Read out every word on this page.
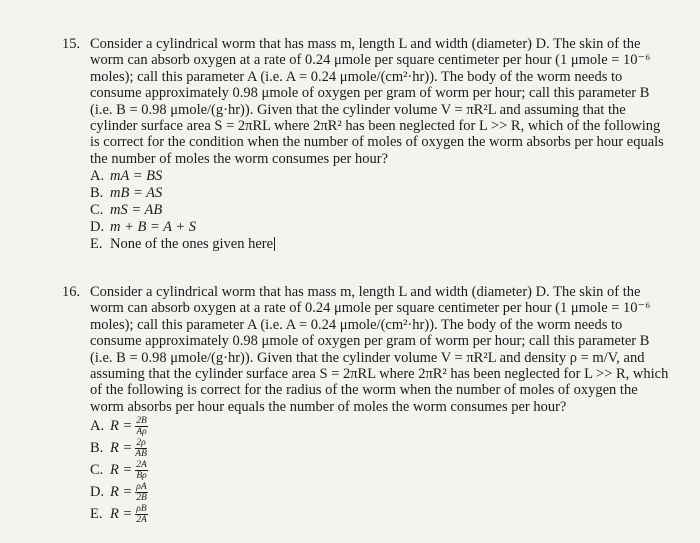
15. Consider a cylindrical worm that has mass m, length L and width (diameter) D. The skin of the worm can absorb oxygen at a rate of 0.24 μmole per square centimeter per hour (1 μmole = 10⁻⁶ moles); call this parameter A (i.e. A = 0.24 μmole/(cm²·hr)). The body of the worm needs to consume approximately 0.98 μmole of oxygen per gram of worm per hour; call this parameter B (i.e. B = 0.98 μmole/(g·hr)). Given that the cylinder volume V = πR²L and assuming that the cylinder surface area S = 2πRL where 2πR² has been neglected for L >> R, which of the following is correct for the condition when the number of moles of oxygen the worm absorbs per hour equals the number of moles the worm consumes per hour?
A. mA = BS
B. mB = AS
C. mS = AB
D. m + B = A + S
E. None of the ones given here
16. Consider a cylindrical worm that has mass m, length L and width (diameter) D. The skin of the worm can absorb oxygen at a rate of 0.24 μmole per square centimeter per hour (1 μmole = 10⁻⁶ moles); call this parameter A (i.e. A = 0.24 μmole/(cm²·hr)). The body of the worm needs to consume approximately 0.98 μmole of oxygen per gram of worm per hour; call this parameter B (i.e. B = 0.98 μmole/(g·hr)). Given that the cylinder volume V = πR²L and density ρ = m/V, and assuming that the cylinder surface area S = 2πRL where 2πR² has been neglected for L >> R, which of the following is correct for the radius of the worm when the number of moles of oxygen the worm absorbs per hour equals the number of moles the worm consumes per hour?
A. $R = \frac{2B}{A\rho}$
B. $R = \frac{2\rho}{AB}$
C. $R = \frac{2A}{B\rho}$
D. $R = \frac{\rho A}{2B}$
E. $R = \frac{\rho B}{2A}$
